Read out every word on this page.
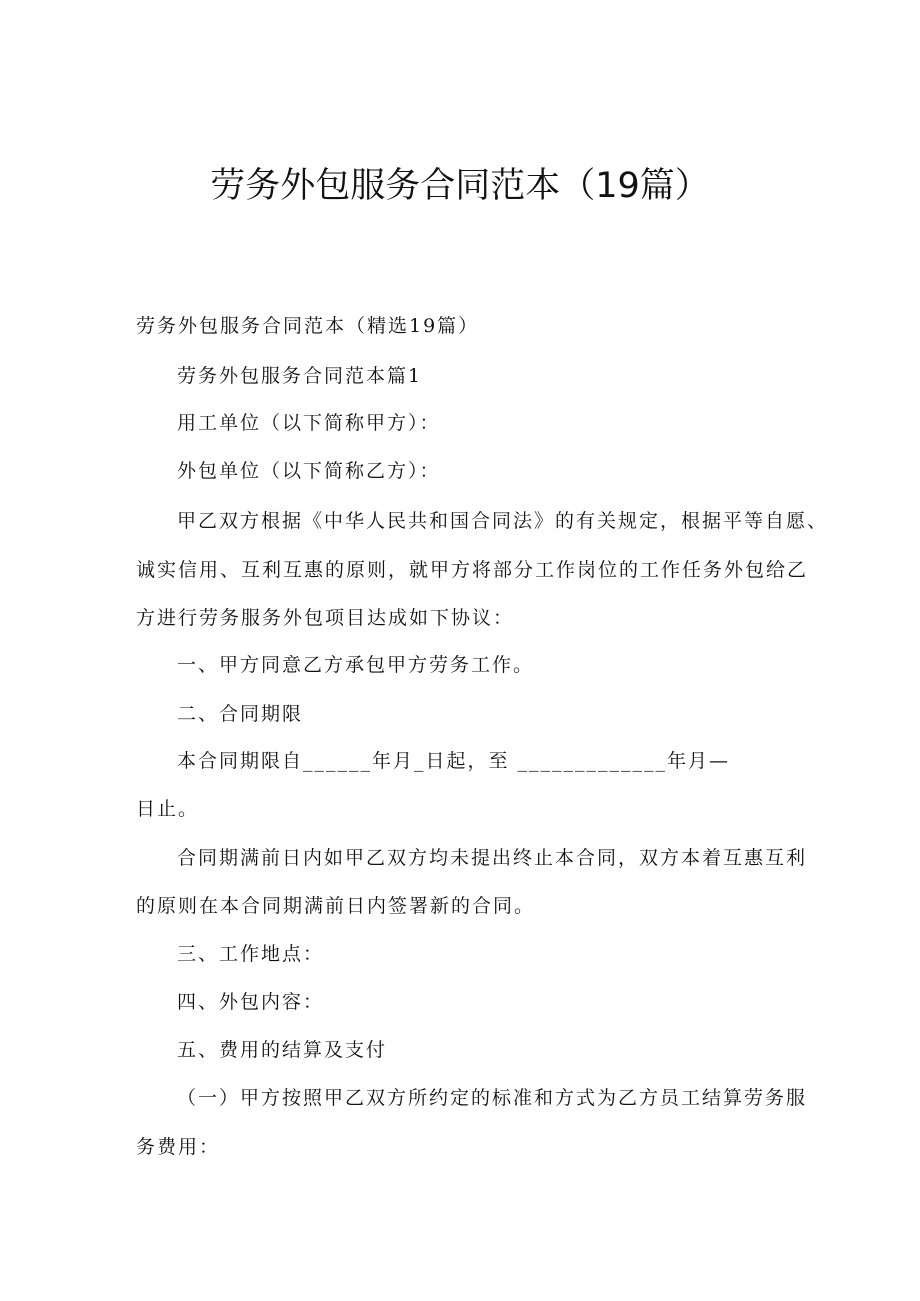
劳务外包服务合同范本（19篇）
劳务外包服务合同范本（精选19篇）
劳务外包服务合同范本篇1
用工单位（以下简称甲方）：
外包单位（以下简称乙方）：
甲乙双方根据《中华人民共和国合同法》的有关规定，根据平等自愿、
诚实信用、互利互惠的原则，就甲方将部分工作岗位的工作任务外包给乙
方进行劳务服务外包项目达成如下协议：
一、甲方同意乙方承包甲方劳务工作。
二、合同期限
本合同期限自______年月_日起，至 _____________年月—
日止。
合同期满前日内如甲乙双方均未提出终止本合同，双方本着互惠互利
的原则在本合同期满前日内签署新的合同。
三、工作地点：
四、外包内容：
五、费用的结算及支付
（一）甲方按照甲乙双方所约定的标准和方式为乙方员工结算劳务服
务费用：
